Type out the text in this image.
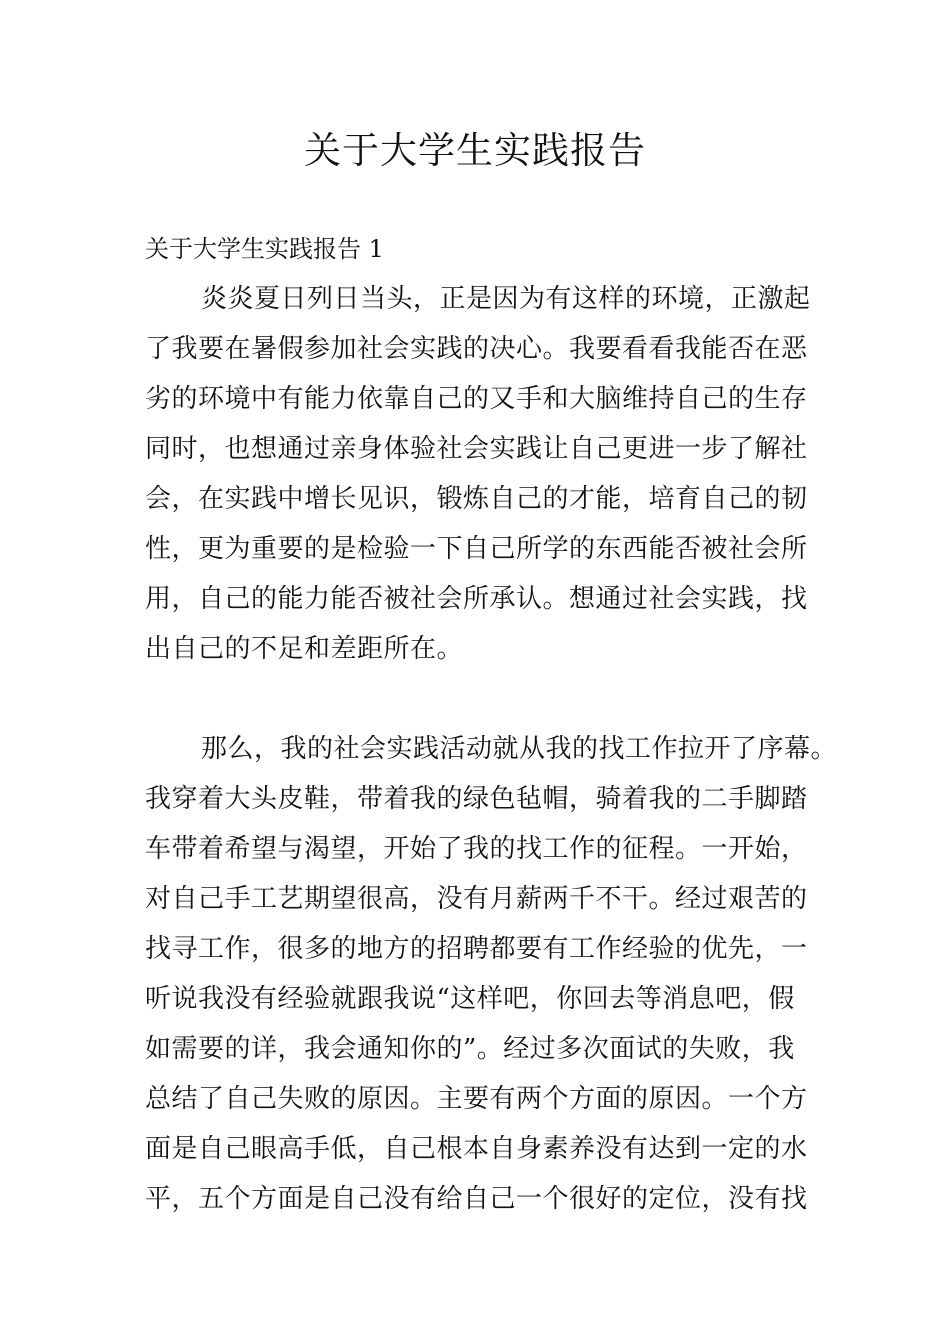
关于大学生实践报告

关于大学生实践报告 1

炎炎夏日列日当头，正是因为有这样的环境，正激起
了我要在暑假参加社会实践的决心。我要看看我能否在恶
劣的环境中有能力依靠自己的又手和大脑维持自己的生存
同时，也想通过亲身体验社会实践让自己更进一步了解社
会，在实践中增长见识，锻炼自己的才能，培育自己的韧
性，更为重要的是检验一下自己所学的东西能否被社会所
用，自己的能力能否被社会所承认。想通过社会实践，找
出自己的不足和差距所在。
那么，我的社会实践活动就从我的找工作拉开了序幕。
我穿着大头皮鞋，带着我的绿色毡帽，骑着我的二手脚踏
车带着希望与渴望，开始了我的找工作的征程。一开始，
对自己手工艺期望很高，没有月薪两千不干。经过艰苦的
找寻工作，很多的地方的招聘都要有工作经验的优先，一
听说我没有经验就跟我说“这样吧，你回去等消息吧，假
如需要的详，我会通知你的”。经过多次面试的失败，我
总结了自己失败的原因。主要有两个方面的原因。一个方
面是自己眼高手低，自己根本自身素养没有达到一定的水
平，五个方面是自己没有给自己一个很好的定位，没有找
